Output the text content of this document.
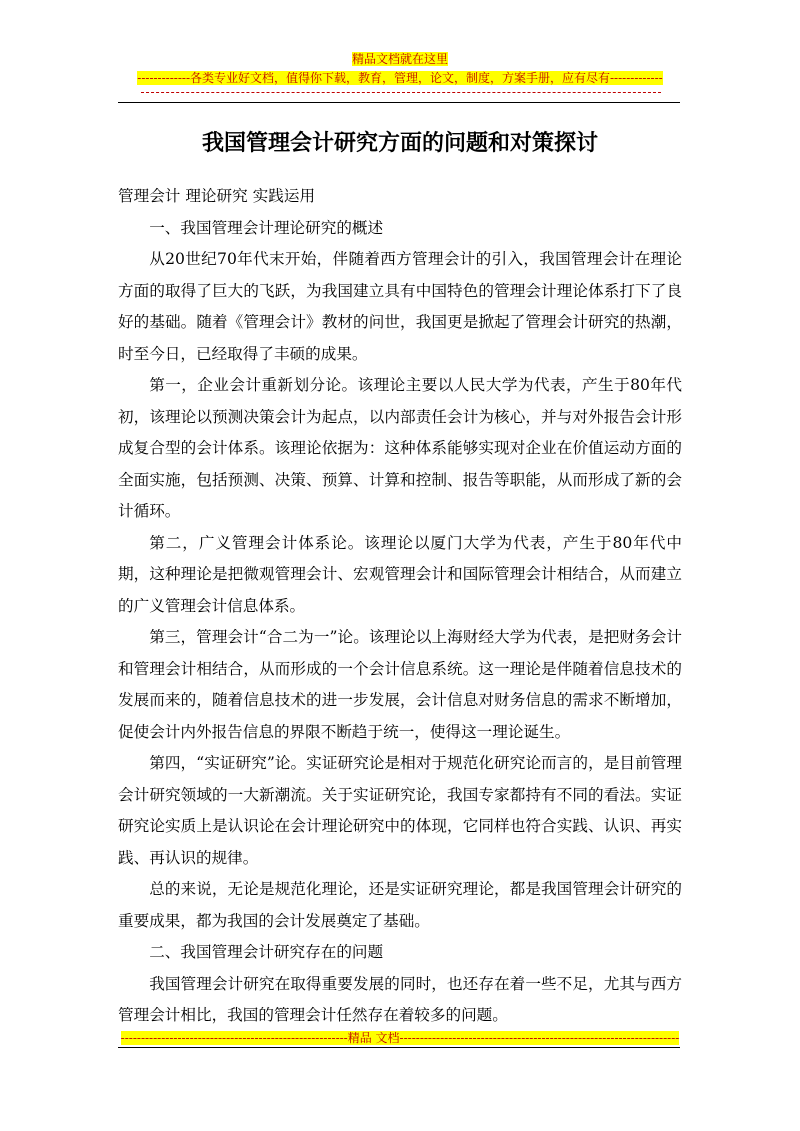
精品文档就在这里
-------------各类专业好文档，值得你下载，教育，管理，论文，制度，方案手册，应有尽有-------------
我国管理会计研究方面的问题和对策探讨

管理会计 理论研究 实践运用

一、我国管理会计理论研究的概述

从20世纪70年代末开始，伴随着西方管理会计的引入，我国管理会计在理论方面的取得了巨大的飞跃，为我国建立具有中国特色的管理会计理论体系打下了良好的基础。随着《管理会计》教材的问世，我国更是掀起了管理会计研究的热潮，时至今日，已经取得了丰硕的成果。

第一，企业会计重新划分论。该理论主要以人民大学为代表，产生于80年代初，该理论以预测决策会计为起点，以内部责任会计为核心，并与对外报告会计形成复合型的会计体系。该理论依据为：这种体系能够实现对企业在价值运动方面的全面实施，包括预测、决策、预算、计算和控制、报告等职能，从而形成了新的会计循环。

第二，广义管理会计体系论。该理论以厦门大学为代表，产生于80年代中期，这种理论是把微观管理会计、宏观管理会计和国际管理会计相结合，从而建立的广义管理会计信息体系。

第三，管理会计“合二为一”论。该理论以上海财经大学为代表，是把财务会计和管理会计相结合，从而形成的一个会计信息系统。这一理论是伴随着信息技术的发展而来的，随着信息技术的进一步发展，会计信息对财务信息的需求不断增加，促使会计内外报告信息的界限不断趋于统一，使得这一理论诞生。

第四，“实证研究”论。实证研究论是相对于规范化研究论而言的，是目前管理会计研究领域的一大新潮流。关于实证研究论，我国专家都持有不同的看法。实证研究论实质上是认识论在会计理论研究中的体现，它同样也符合实践、认识、再实践、再认识的规律。

总的来说，无论是规范化理论，还是实证研究理论，都是我国管理会计研究的重要成果，都为我国的会计发展奠定了基础。

二、我国管理会计研究存在的问题

我国管理会计研究在取得重要发展的同时，也还存在着一些不足，尤其与西方管理会计相比，我国的管理会计任然存在着较多的问题。

--------------------------------------------------------精品 文档---------------------------------------------------------------------
